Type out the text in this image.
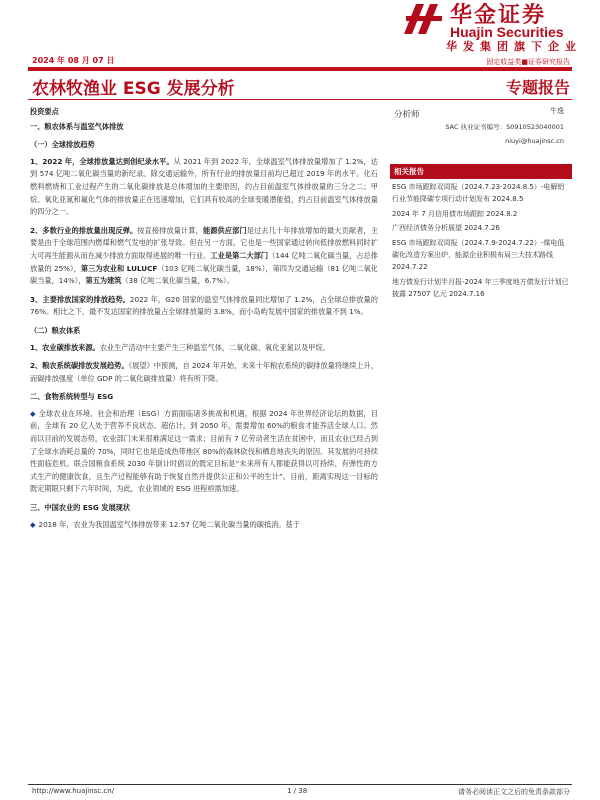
华金证券
Huajin Securities
华发集团旗下企业
2024 年 08 月 07 日	固定收益类■证券研究报告
农林牧渔业 ESG 发展分析	专题报告
投资要点
一、粮农体系与温室气体排放
（一）全球排放趋势

1、2022 年，全球排放量达到创纪录水平。从 2021 年到 2022 年，全球温室气体排放量增加了 1.2%，达到 574 亿吨二氧化碳当量的新纪录。除交通运输外，所有行业的排放量目前均已超过 2019 年的水平。化石燃料燃烧和工业过程产生的二氧化碳排放是总体增加的主要原因，约占目前温室气体排放量的三分之二；甲烷、氧化亚氮和氟化气体的排放量正在迅速增加，它们具有较高的全球变暖潜能值，约占目前温室气体排放量的四分之一。

2、多数行业的排放量出现反弹。按直接排放量计算，能源供应部门是过去几十年排放增加的最大贡献者，主要是由于全球范围内燃煤和燃气发电的扩张导致。但在另一方面，它也是一些国家通过转向低排放燃料同时扩大可再生能源从而在减少排放方面取得进展的唯一行业。工业是第二大部门（144 亿吨二氧化碳当量，占总排放量的 25%），第三为农业和 LULUCF（103 亿吨二氧化碳当量，18%），第四为交通运输（81 亿吨二氧化碳当量，14%），第五为建筑（38 亿吨二氧化碳当量，6.7%）。

3、主要排放国家的排放趋势。2022 年，G20 国家的温室气体排放量同比增加了 1.2%，占全球总排放量的 76%。相比之下，最不发达国家的排放量占全球排放量的 3.8%，而小岛屿发展中国家的排放量不到 1%。

（二）粮农体系

1、农业碳排放来源。农业生产活动中主要产生三种温室气体，二氧化碳、氧化亚氮以及甲烷。

2、粮农系统碳排放发展趋势。《展望》中预测，自 2024 年开始，未来十年粮农系统的碳排放量将继续上升，而碳排放强度（单位 GDP 的二氧化碳排放量）将有所下降。

二、食物系统转型与 ESG

◆ 全球农业在环境、社会和治理（ESG）方面面临诸多挑战和机遇。根据 2024 年世界经济论坛的数据，目前，全球有 20 亿人处于营养不良状态、超估计，到 2050 年，需要增加 60%的粮食才能养活全球人口。然而以目前的发展态势，农业部门未来很难满足这一需求；目前有 7 亿劳动者生活在贫困中，而且农业已经占到了全球水消耗总量的 70%，同时它也是造成热带地区 80%的森林砍伐和栖息地丧失的原因。其发展的可持续性面临危机。联合国粮食系统 2030 年倒计时倡议的既定目标是“未来所有人都能获得以可持续、有弹性的方式生产的健康饮食，且生产过程能够有助于恢复自然并提供公正和公平的生计”。目前，距离实现这一目标的既定期限只剩下六年时间，为此，农业领域的 ESG 进程亟需加速。

三、中国农业的 ESG 发展现状

◆ 2018 年，农业为我国温室气体排放带来 12.57 亿吨二氧化碳当量的碳抵消。基于

分析师	牛逸
SAC 执业证书编号：S0910523040001
niuyi@huajinsc.cn
相关报告
ESG 市场跟踪双周报（2024.7.23-2024.8.5）-电解铝行业节能降碳专项行动计划发布 2024.8.5
2024 年 7 月信用债市场跟踪 2024.8.2
广西经济债务分析展望 2024.7.26
ESG 市场跟踪双周报（2024.7.9-2024.7.22）-煤电低碳化改造方案出炉，能源企业积极布局三大技术路线 2024.7.22
地方债发行计划半月报-2024 年三季度地方债发行计划已披露 27507 亿元 2024.7.16
http://www.huajinsc.cn/	1 / 38	请务必阅读正文之后的免责条款部分
